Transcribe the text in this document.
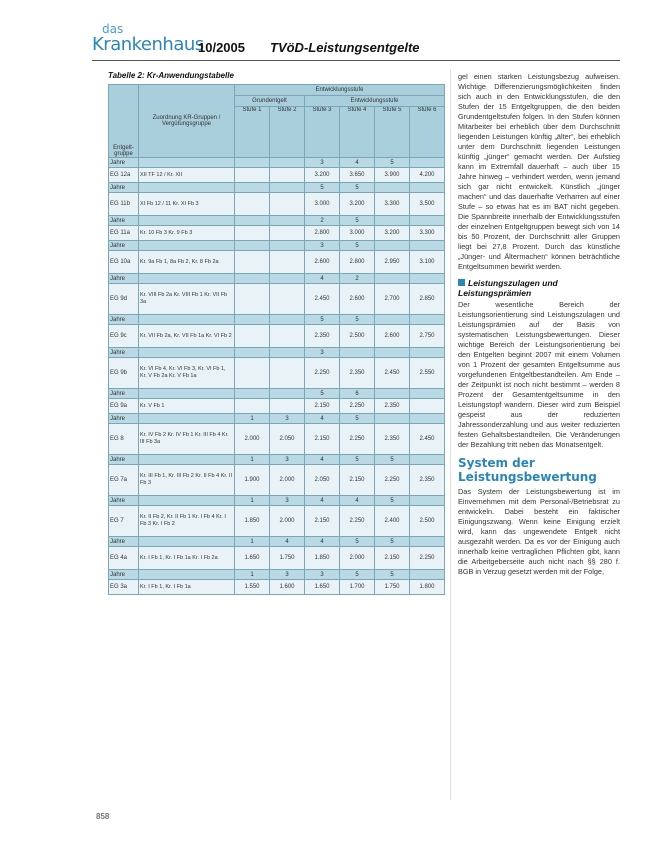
das
Krankenhaus
10/2005 TVöD-Leistungsentgelte
Tabelle 2: Kr-Anwendungstabelle
Entgelt-gruppe	Zuordnung KR-Gruppen / Vergütungsgruppe	Entwicklungsstufe					
		Grundentgelt		Entwicklungsstufe			
		Stufe 1	Stufe 2	Stufe 3	Stufe 4	Stufe 5	Stufe 6
Jahre				3	4	5	
EG 12a	XII TF 12 / Kr. XII			3.200	3.650	3.900	4.200
Jahre				5	5		
EG 11b	XI Fb 12 / 11 Kr. XI Fb 3			3.000	3.200	3.300	3.500
Jahre				2	5		
EG 11a	Kr. 10 Fb 3 Kr. 9 Fb 3			2.800	3.000	3.200	3.300
Jahre				3	5		
EG 10a	Kr. 9a Fb 1, 8a Fb 2, Kr. 8 Fb 2a			2.600	2.800	2.950	3.100
Jahre				4	2		
EG 9d	Kr. VIII Fb 2a Kr. VIII Fb 1 Kr. VII Fb 3a			2.450	2.600	2.700	2.850
Jahre				5	5		
EG 9c	Kr. VII Fb 2a, Kr. VII Fb 1a Kr. VI Fb 2			2.350	2.500	2.600	2.750
Jahre				3			
EG 9b	Kr. VI Fb 4, Kr. VI Fb 3, Kr. VI Fb 1, Kr. V Fb 2a Kr. V Fb 1a			2.250	2.350	2.450	2.550
Jahre				5	6		
EG 9a	Kr. V Fb 1			2.150	2.250	2.350	
Jahre		1	3	4	5		
EG 8	Kr. IV Fb 2 Kr. IV Fb 1 Kr. III Fb 4 Kr. III Fb 3a	2.000	2.050	2.150	2.250	2.350	2.450
Jahre		1	3	4	5	5	
EG 7a	Kr. III Fb 1, Kr. III Fb 2 Kr. II Fb 4 Kr. II Fb 3	1.900	2.000	2.050	2.150	2.250	2.350
Jahre		1	3	4	4	5	
EG 7	Kr. II Fb 2, Kr. II Fb 1 Kr. I Fb 4 Kr. I Fb 3 Kr. I Fb 2	1.850	2.000	2.150	2.250	2.400	2.500
Jahre		1	4	4	5	5	
EG 4a	Kr. I Fb 1, Kr. I Fb 1a Kr. I Fb 2a	1.650	1.750	1.850	2.000	2.150	2.250
Jahre		1	3	3	5	5	
EG 3a	Kr. I Fb 1, Kr. I Fb 1a	1.550	1.600	1.650	1.700	1.750	1.800

gel einen starken Leistungsbezug aufweisen. Wichtige Differenzierungsmöglichkeiten finden sich auch in den Entwicklungsstufen, die den Stufen der 15 Entgeltgruppen, die den beiden Grundentgeltstufen folgen. In den Stufen können Mitarbeiter bei erheblich über dem Durchschnitt liegenden Leistungen künftig „älter“, bei erheblich unter dem Durchschnitt liegenden Leistungen künftig „jünger“ gemacht werden. Der Aufstieg kann im Extremfall dauerhaft – auch über 15 Jahre hinweg – verhindert werden, wenn jemand sich gar nicht entwickelt. Künstlich „jünger machen“ und das dauerhafte Verharren auf einer Stufe – so etwas hat es im BAT nicht gegeben. Die Spannbreite innerhalb der Entwicklungsstufen der einzelnen Entgeltgruppen bewegt sich von 14 bis 50 Prozent, der Durchschnitt aller Gruppen liegt bei 27,8 Prozent. Durch das künstliche „Jünger- und Ältermachen“ können beträchtliche Entgeltsummen bewirkt werden.

Leistungszulagen und Leistungsprämien

Der wesentliche Bereich der Leistungsorientierung sind Leistungszulagen und Leistungsprämien auf der Basis von systematischen Leistungsbewertungen. Dieser wichtige Bereich der Leistungsorientierung bei den Entgelten beginnt 2007 mit einem Volumen von 1 Prozent der gesamten Entgeltsumme aus vorgefundenen Entgeltbestandteilen. Am Ende – der Zeitpunkt ist noch nicht bestimmt – werden 8 Prozent der Gesamtentgeltsumme in den Leistungstopf wandern. Dieser wird zum Beispiel gespeist aus der reduzierten Jahressonderzahlung und aus weiter reduzierten festen Gehaltsbestandteilen. Die Veränderungen der Bezahlung tritt neben das Monatsentgelt.

System der Leistungsbewertung

Das System der Leistungsbewertung ist im Einvernehmen mit dem Personal-/Betriebsrat zu entwickeln. Dabei besteht ein faktischer Einigungszwang. Wenn keine Einigung erzielt wird, kann das ungewendete Entgelt nicht ausgezahlt werden. Da es vor der Einigung auch innerhalb keine vertraglichen Pflichten gibt, kann die Arbeitgeberseite auch nicht nach §§ 280 f. BGB in Verzug gesetzt werden mit der Folge,

858
